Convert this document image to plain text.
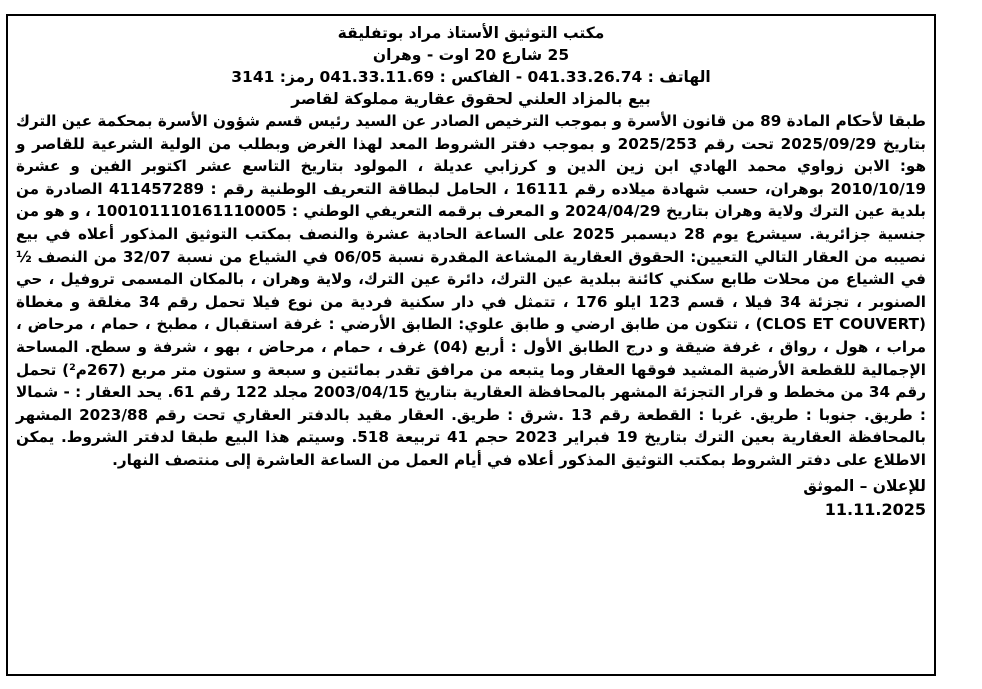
مكتب التوثيق الأستاذ مراد بوتفليقة

25 شارع 20 اوت - وهران

الهاتف : 041.33.26.74 - الفاكس : 041.33.11.69 رمز: 3141

بيع بالمزاد العلني لحقوق عقارية مملوكة لقاصر

طبقا لأحكام المادة 89 من قانون الأسرة و بموجب الترخيص الصادر عن السيد رئيس قسم شؤون الأسرة بمحكمة عين الترك بتاريخ 2025/09/29 تحت رقم 2025/253 و بموجب دفتر الشروط المعد لهذا الغرض وبطلب من الولية الشرعية للقاصر و هو: الابن زواوي محمد الهادي ابن زين الدين و كرزابي عديلة ، المولود بتاريخ التاسع عشر اكتوبر الفين و عشرة 2010/10/19 بوهران، حسب شهادة ميلاده رقم 16111 ، الحامل لبطاقة التعريف الوطنية رقم : 411457289 الصادرة من بلدية عين الترك ولاية وهران بتاريخ 2024/04/29 و المعرف برقمه التعريفي الوطني : 100101110161110005 ، و هو من جنسية جزائرية. سيشرع يوم 28 ديسمبر 2025 على الساعة الحادية عشرة والنصف بمكتب التوثيق المذكور أعلاه في بيع نصيبه من العقار التالي التعيين: الحقوق العقارية المشاعة المقدرة نسبة 06/05 في الشياع من نسبة 32/07 من النصف ½ في الشياع من محلات طابع سكني كائنة ببلدية عين الترك، دائرة عين الترك، ولاية وهران ، بالمكان المسمى تروفيل ، حي الصنوبر ، تجزئة 34 فيلا ، قسم 123 ايلو 176 ، تتمثل في دار سكنية فردية من نوع فيلا تحمل رقم 34 مغلقة و مغطاة (CLOS ET COUVERT) ، تتكون من طابق ارضي و طابق علوي: الطابق الأرضي : غرفة استقبال ، مطبخ ، حمام ، مرحاض ، مراب ، هول ، رواق ، غرفة ضيقة و درج الطابق الأول : أربع (04) غرف ، حمام ، مرحاض ، بهو ، شرفة و سطح. المساحة الإجمالية للقطعة الأرضية المشيد فوقها العقار وما يتبعه من مرافق تقدر بمائتين و سبعة و ستون متر مربع (267م²) تحمل رقم 34 من مخطط و قرار التجزئة المشهر بالمحافظة العقارية بتاريخ 2003/04/15 مجلد 122 رقم 61. يحد العقار : - شمالا : طريق. جنوبا : طريق. غربا : القطعة رقم 13 .شرق : طريق. العقار مقيد بالدفتر العقاري تحت رقم 2023/88 المشهر بالمحافظة العقارية بعين الترك بتاريخ 19 فبراير 2023 حجم 41 تربيعة 518. وسيتم هذا البيع طبقا لدفتر الشروط. يمكن الاطلاع على دفتر الشروط بمكتب التوثيق المذكور أعلاه في أيام العمل من الساعة العاشرة إلى منتصف النهار.

للإعلان – الموثق

11.11.2025
